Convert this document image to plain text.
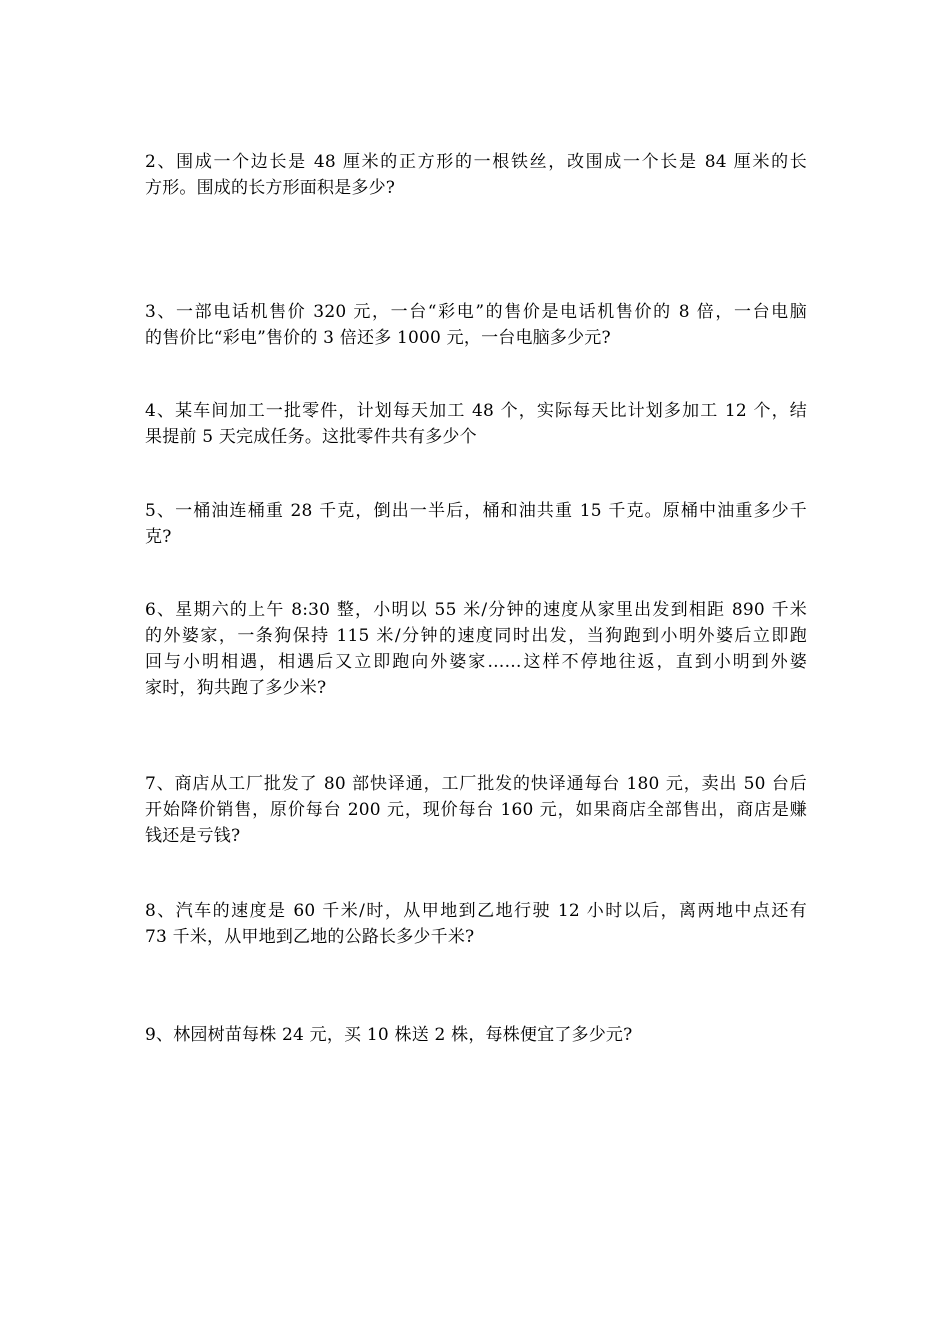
2、围成一个边长是 48 厘米的正方形的一根铁丝，改围成一个长是 84 厘米的长
方形。围成的长方形面积是多少?

3、一部电话机售价 320 元，一台“彩电”的售价是电话机售价的 8 倍，一台电脑
的售价比“彩电”售价的 3 倍还多 1000 元，一台电脑多少元?

4、某车间加工一批零件，计划每天加工 48 个，实际每天比计划多加工 12 个，结
果提前 5 天完成任务。这批零件共有多少个

5、一桶油连桶重 28 千克，倒出一半后，桶和油共重 15 千克。原桶中油重多少千
克?

6、星期六的上午 8:30 整，小明以 55 米/分钟的速度从家里出发到相距 890 千米
的外婆家，一条狗保持 115 米/分钟的速度同时出发，当狗跑到小明外婆后立即跑
回与小明相遇，相遇后又立即跑向外婆家……这样不停地往返，直到小明到外婆
家时，狗共跑了多少米?

7、商店从工厂批发了 80 部快译通，工厂批发的快译通每台 180 元，卖出 50 台后
开始降价销售，原价每台 200 元，现价每台 160 元，如果商店全部售出，商店是赚
钱还是亏钱?

8、汽车的速度是 60 千米/时，从甲地到乙地行驶 12 小时以后，离两地中点还有
73 千米，从甲地到乙地的公路长多少千米?

9、林园树苗每株 24 元，买 10 株送 2 株，每株便宜了多少元?
